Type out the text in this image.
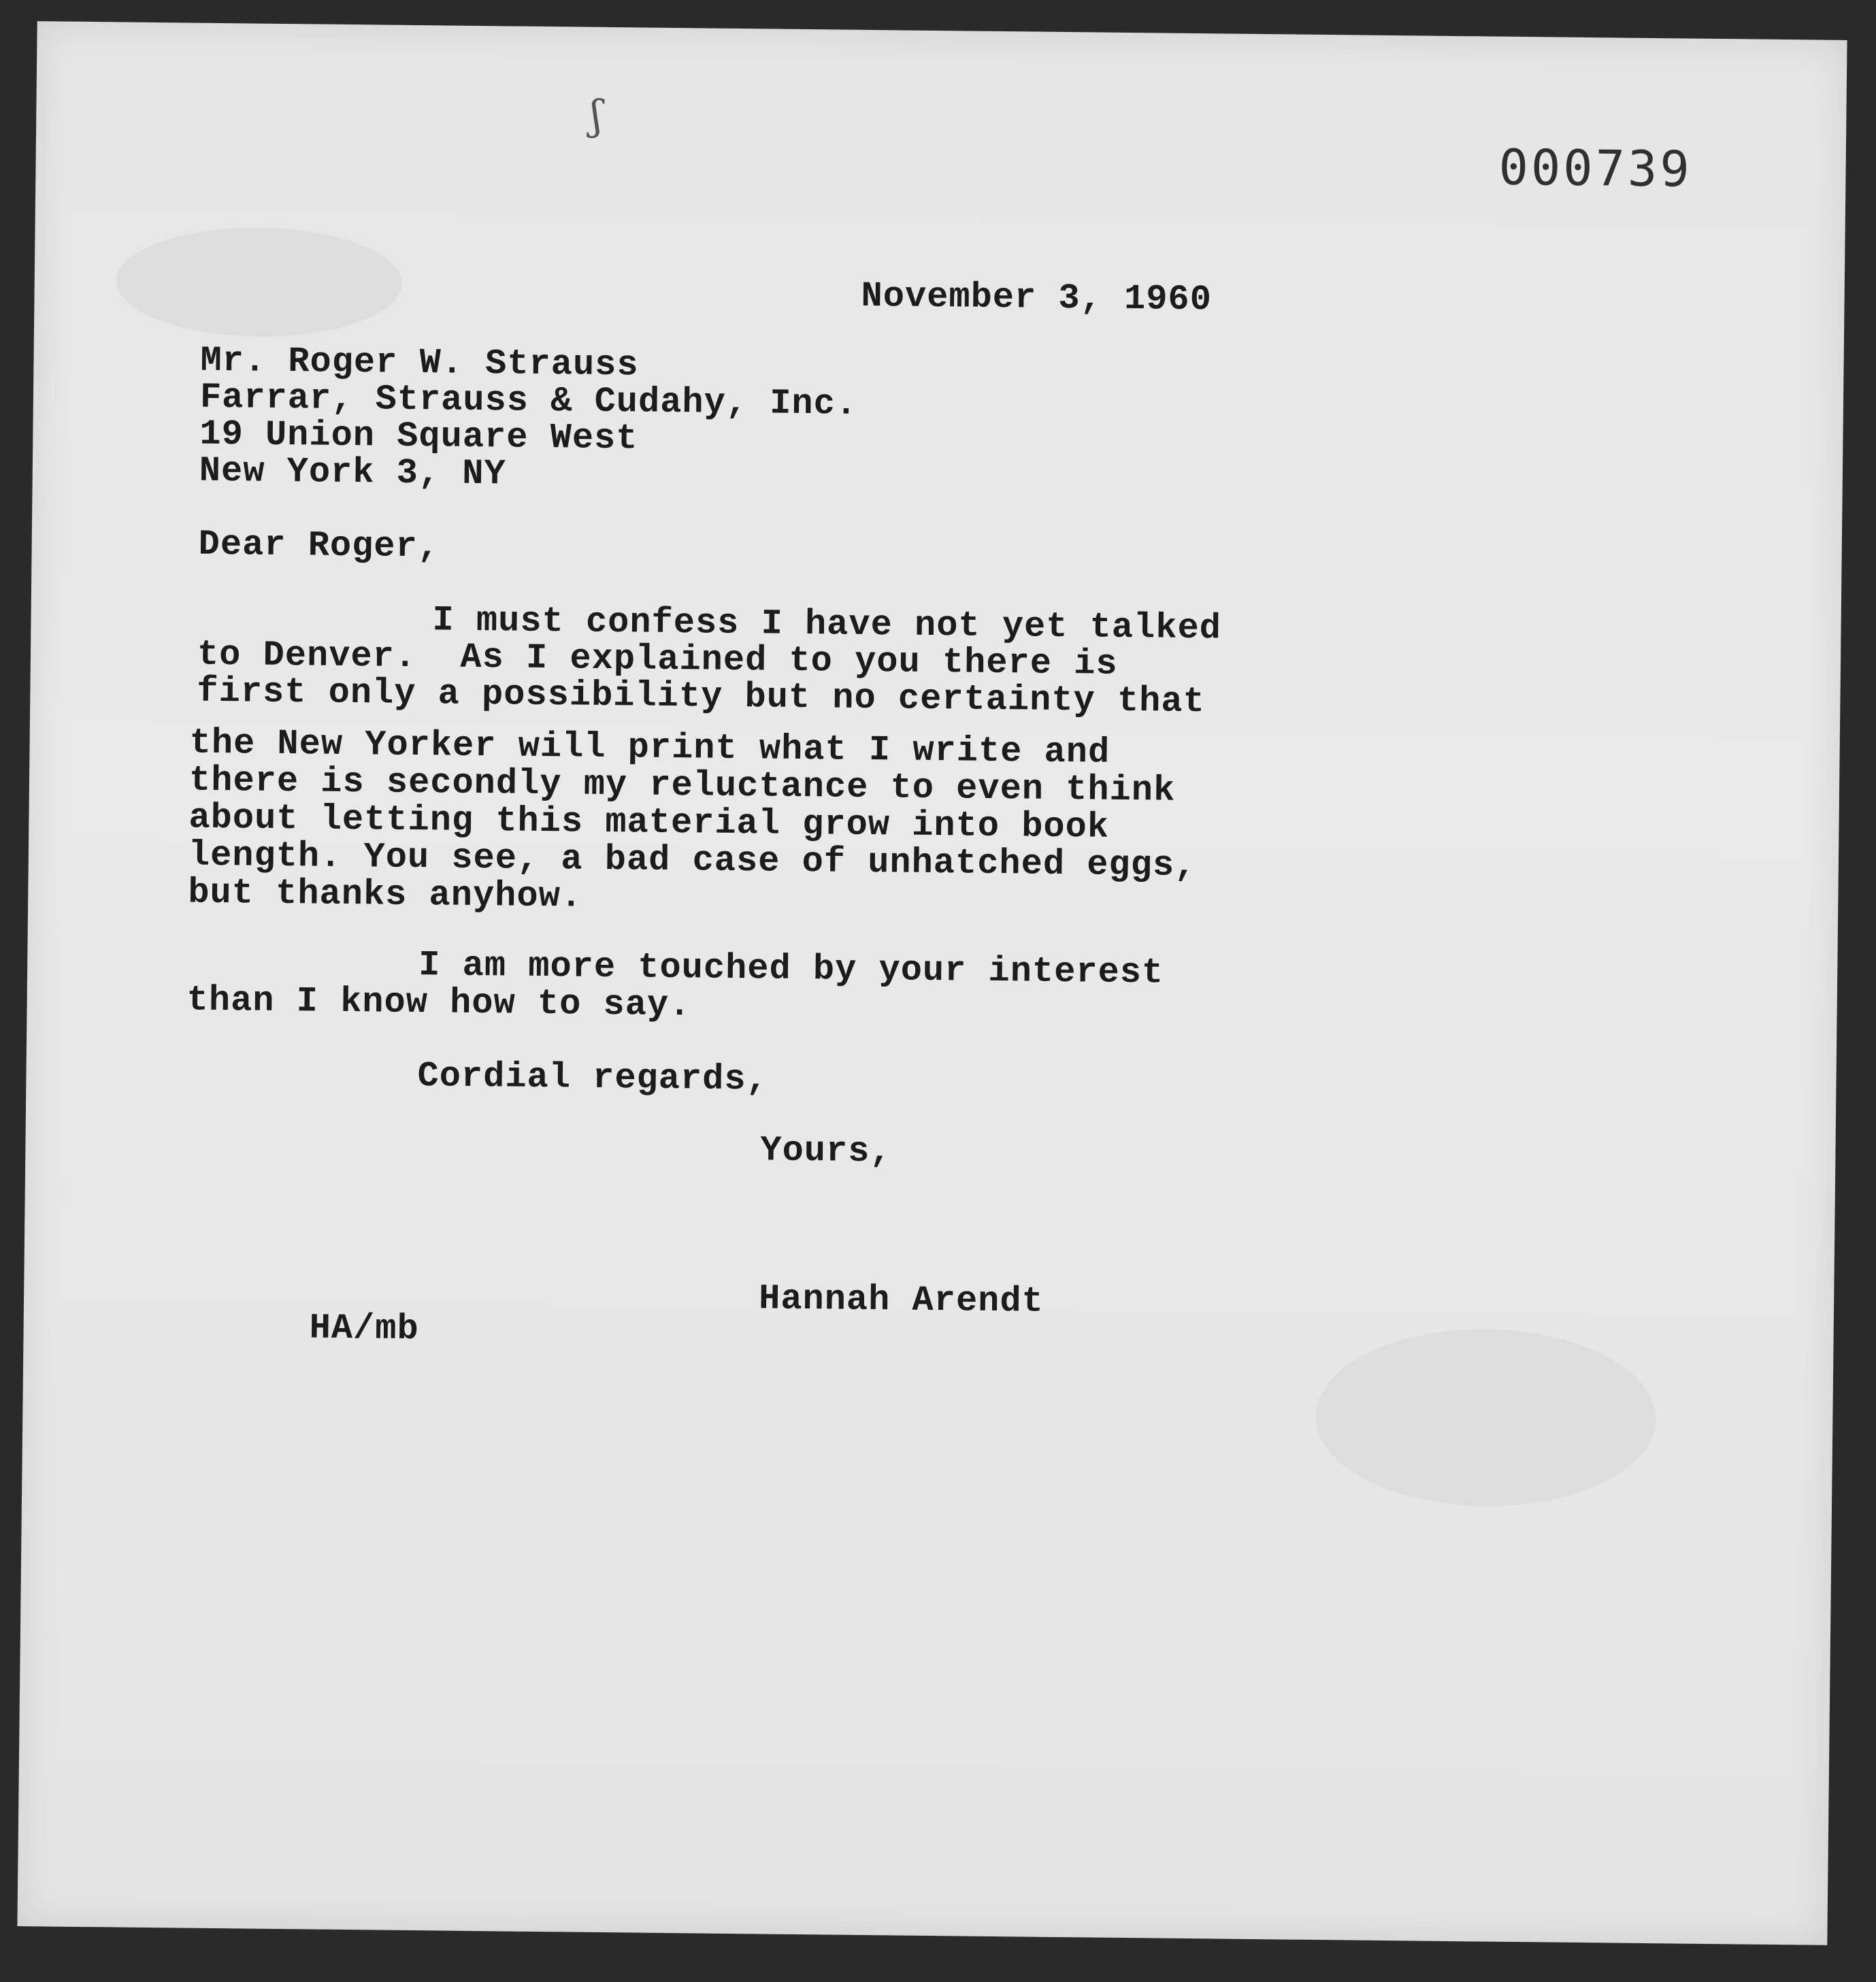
ʃ
000739

November 3, 1960

Mr. Roger W. Strauss

Farrar, Strauss & Cudahy, Inc.

19 Union Square West

New York 3, NY

Dear Roger,

I must confess I have not yet talked

to Denver.  As I explained to you there is

first only a possibility but no certainty that

the New Yorker will print what I write and

there is secondly my reluctance to even think

about letting this material grow into book

length. You see, a bad case of unhatched eggs,

but thanks anyhow.

I am more touched by your interest

than I know how to say.

Cordial regards,

Yours,

Hannah Arendt

HA/mb
